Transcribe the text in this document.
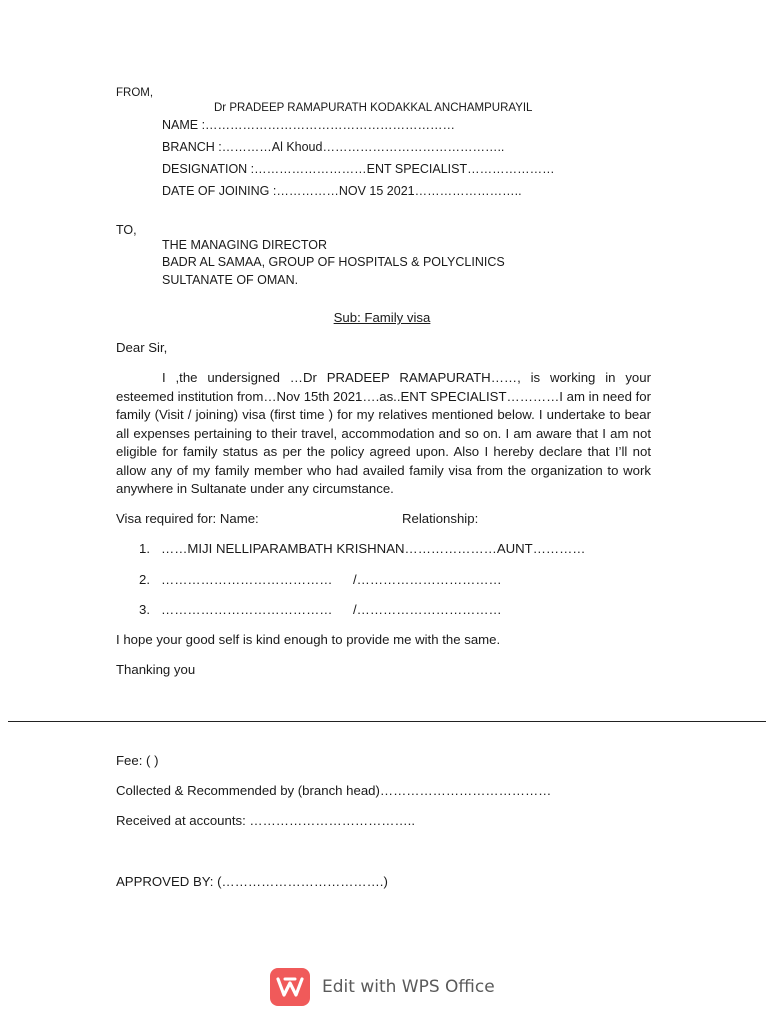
FROM,
Dr PRADEEP RAMAPURATH KODAKKAL ANCHAMPURAYIL
NAME :……………………………………………………
BRANCH :…………Al Khoud……………………………………..
DESIGNATION :………………………ENT SPECIALIST…………………
DATE OF JOINING :……………NOV 15 2021……………………..
TO,
THE MANAGING DIRECTOR
BADR AL SAMAA, GROUP OF HOSPITALS & POLYCLINICS
SULTANATE OF OMAN.
Sub: Family visa
Dear Sir,

I ,the undersigned …Dr PRADEEP RAMAPURATH……, is working in your esteemed institution from…Nov 15th 2021….as..ENT SPECIALIST…………I am in need for family (Visit / joining) visa (first time ) for my relatives mentioned below. I undertake to bear all expenses pertaining to their travel, accommodation and so on. I am aware that I am not eligible for family status as per the policy agreed upon. Also I hereby declare that I’ll not allow any of my family member who had availed family visa from the organization to work anywhere in Sultanate under any circumstance.

Visa required for: Name:	Relationship:
1. ……MIJI NELLIPARAMBATH KRISHNAN…………………AUNT…………
2. ………………………………… /……………………………
3. ………………………………… /……………………………
I hope your good self is kind enough to provide me with the same.
Thanking you
Fee: ( )
Collected & Recommended by (branch head)…………………………………
Received at accounts: ………………………………..
APPROVED BY: (……………………………….)
Edit with WPS Office
